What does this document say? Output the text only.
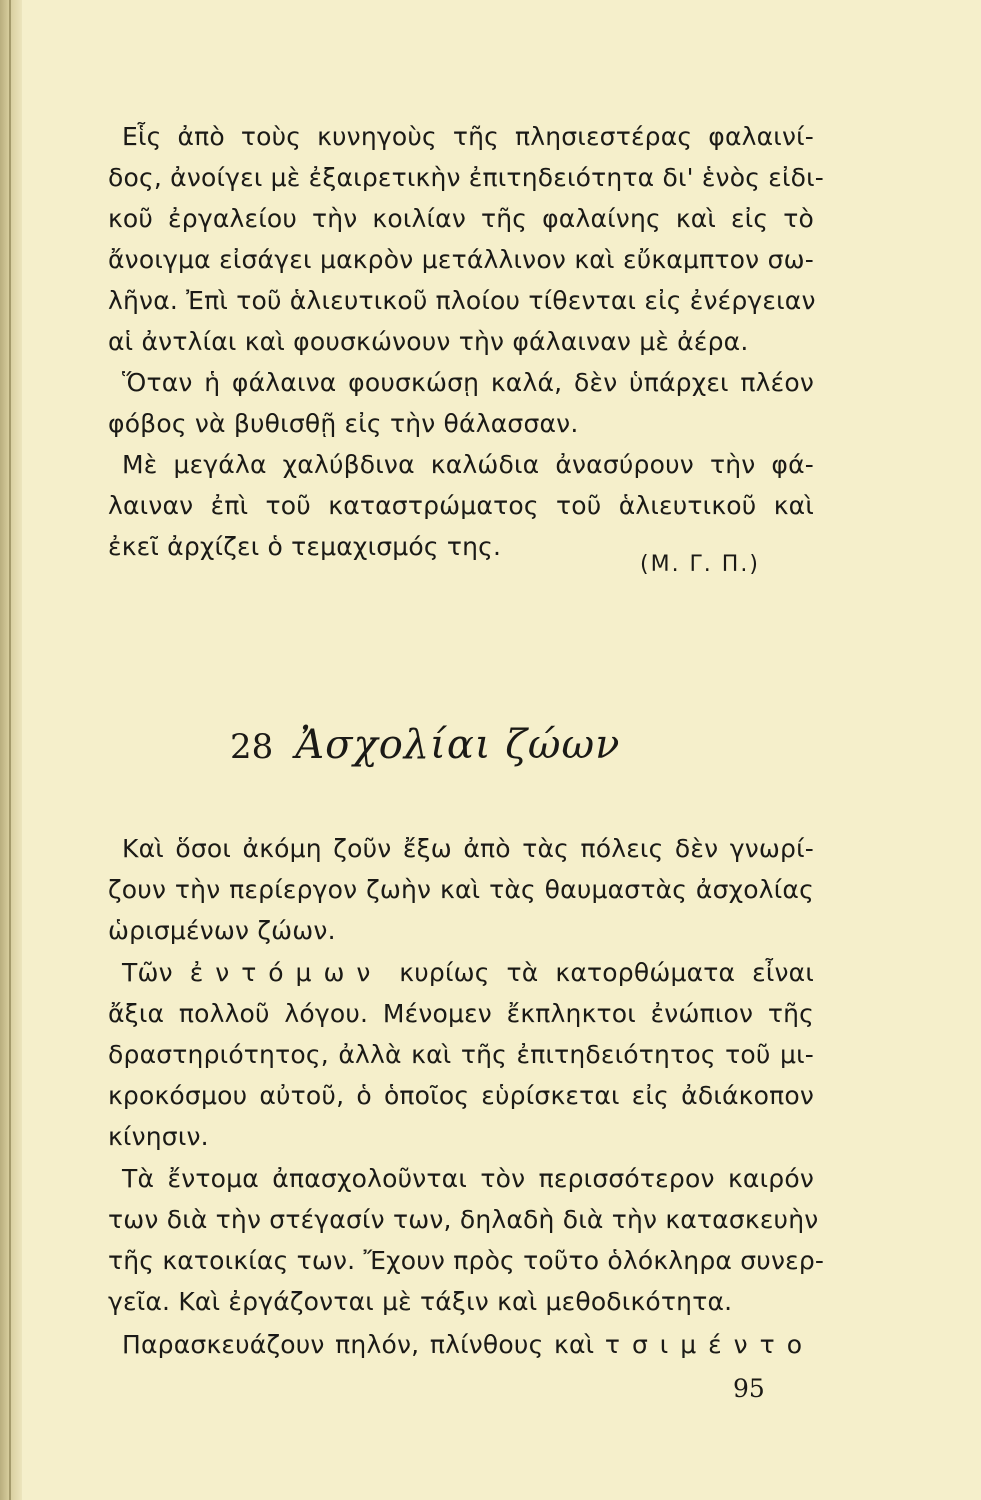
Εἷς ἀπὸ τοὺς κυνηγοὺς τῆς πλησιεστέρας φαλαινί-
δος, ἀνοίγει μὲ ἐξαιρετικὴν ἐπιτηδειότητα δι' ἑνὸς εἰδι-
κοῦ ἐργαλείου τὴν κοιλίαν τῆς φαλαίνης καὶ εἰς τὸ
ἄνοιγμα εἰσάγει μακρὸν μετάλλινον καὶ εὔκαμπτον σω-
λῆνα. Ἐπὶ τοῦ ἁλιευτικοῦ πλοίου τίθενται εἰς ἐνέργειαν
αἱ ἀντλίαι καὶ φουσκώνουν τὴν φάλαιναν μὲ ἀέρα.
Ὅταν ἡ φάλαινα φουσκώσῃ καλά, δὲν ὑπάρχει πλέον
φόβος νὰ βυθισθῇ εἰς τὴν θάλασσαν.
Μὲ μεγάλα χαλύβδινα καλώδια ἀνασύρουν τὴν φά-
λαιναν ἐπὶ τοῦ καταστρώματος τοῦ ἁλιευτικοῦ καὶ
ἐκεῖ ἀρχίζει ὁ τεμαχισμός της.
(Μ. Γ. Π.)
28 Ἀσχολίαι ζώων
Καὶ ὅσοι ἀκόμη ζοῦν ἔξω ἀπὸ τὰς πόλεις δὲν γνωρί-
ζουν τὴν περίεργον ζωὴν καὶ τὰς θαυμαστὰς ἀσχολίας
ὡρισμένων ζώων.
Τῶν ἐντόμων κυρίως τὰ κατορθώματα εἶναι
ἄξια πολλοῦ λόγου. Μένομεν ἔκπληκτοι ἐνώπιον τῆς
δραστηριότητος, ἀλλὰ καὶ τῆς ἐπιτηδειότητος τοῦ μι-
κροκόσμου αὐτοῦ, ὁ ὁποῖος εὑρίσκεται εἰς ἀδιάκοπον
κίνησιν.
Τὰ ἔντομα ἀπασχολοῦνται τὸν περισσότερον καιρόν
των διὰ τὴν στέγασίν των, δηλαδὴ διὰ τὴν κατασκευὴν
τῆς κατοικίας των. Ἔχουν πρὸς τοῦτο ὁλόκληρα συνερ-
γεῖα. Καὶ ἐργάζονται μὲ τάξιν καὶ μεθοδικότητα.
Παρασκευάζουν πηλόν, πλίνθους καὶ τσιμέντο
95
